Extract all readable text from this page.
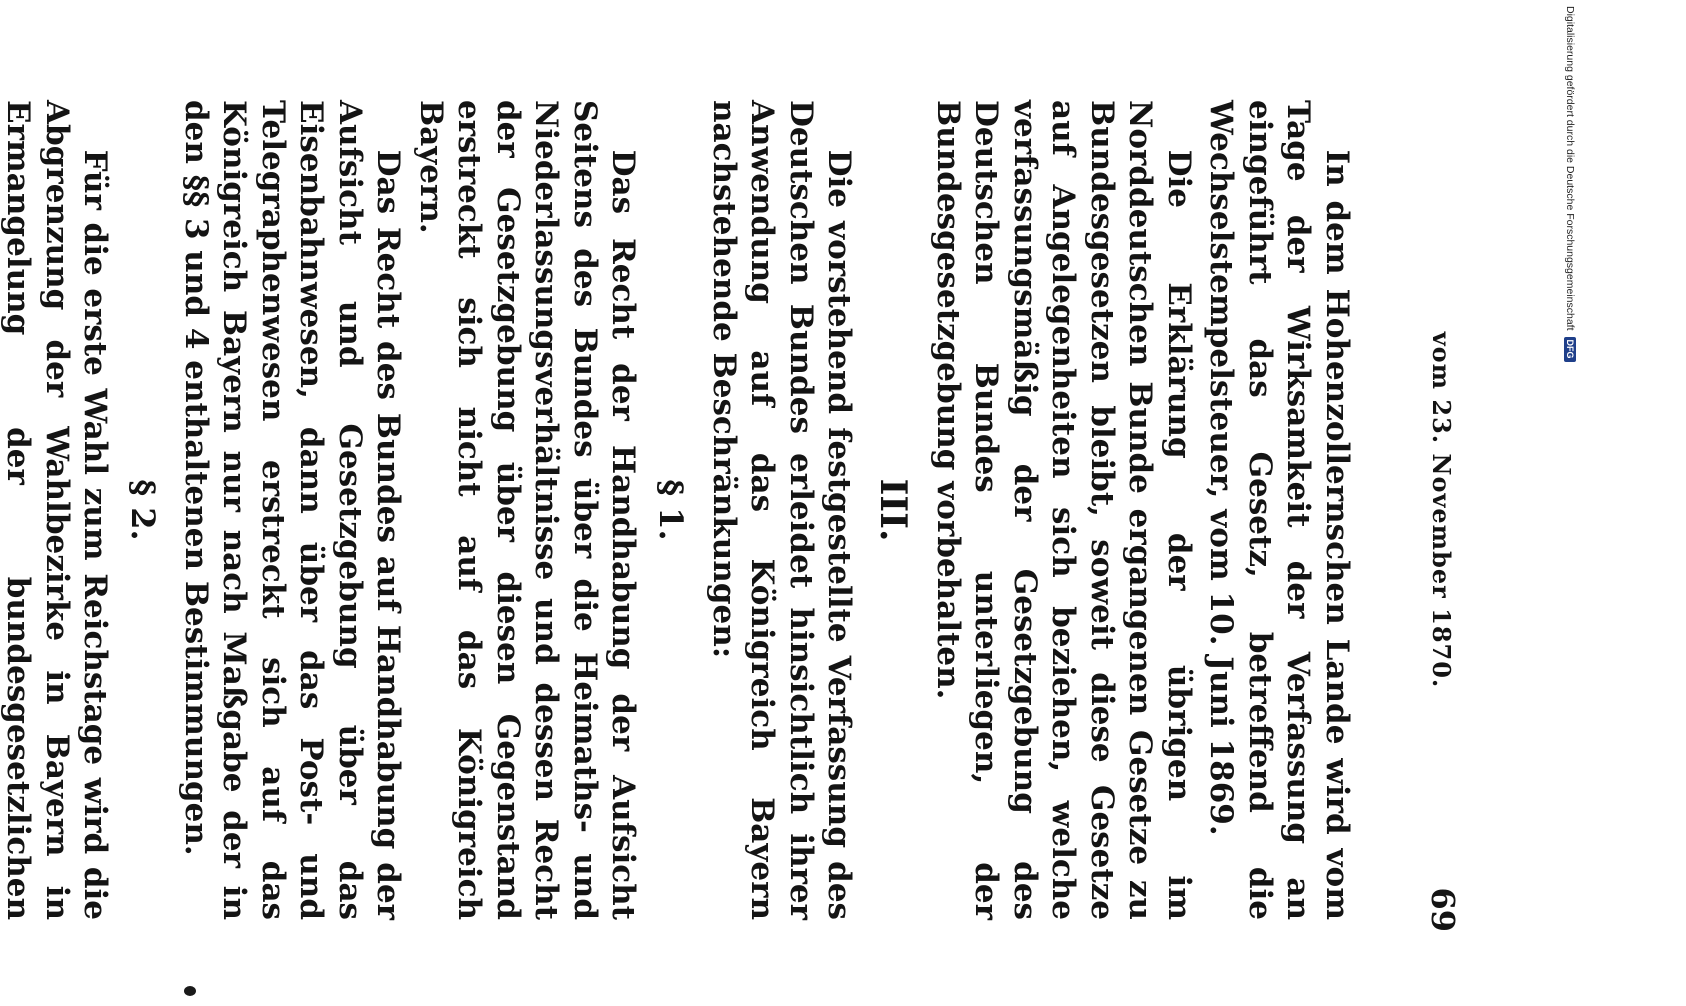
vom 23. November 1870.
69

In dem Hohenzollernschen Lande wird vom Tage der Wirksamkeit der Verfassung an eingeführt das Gesetz, betreffend die Wechselstempelsteuer, vom 10. Juni 1869.

Die Erklärung der übrigen im Norddeutschen Bunde ergangenen Gesetze zu Bundesgesetzen bleibt, soweit diese Gesetze auf Angelegenheiten sich beziehen, welche verfassungsmäßig der Gesetzgebung des Deutschen Bundes unterliegen, der Bundesgesetzgebung vorbehalten.

III.

Die vorstehend festgestellte Verfassung des Deutschen Bundes erleidet hinsichtlich ihrer Anwendung auf das Königreich Bayern nachstehende Beschränkungen:

§ 1.

Das Recht der Handhabung der Aufsicht Seitens des Bundes über die Heimaths- und Niederlassungsverhältnisse und dessen Recht der Gesetzgebung über diesen Gegenstand erstreckt sich nicht auf das Königreich Bayern.

Das Recht des Bundes auf Handhabung der Aufsicht und Gesetzgebung über das Eisenbahnwesen, dann über das Post- und Telegraphenwesen erstreckt sich auf das Königreich Bayern nur nach Maßgabe der in den §§ 3 und 4 enthaltenen Bestimmungen.

§ 2.

Für die erste Wahl zum Reichstage wird die Abgrenzung der Wahlbezirke in Bayern in Ermangelung der bundesgesetzlichen

Digitalisierung gefördert durch die Deutsche Forschungsgemeinschaft
DFG
